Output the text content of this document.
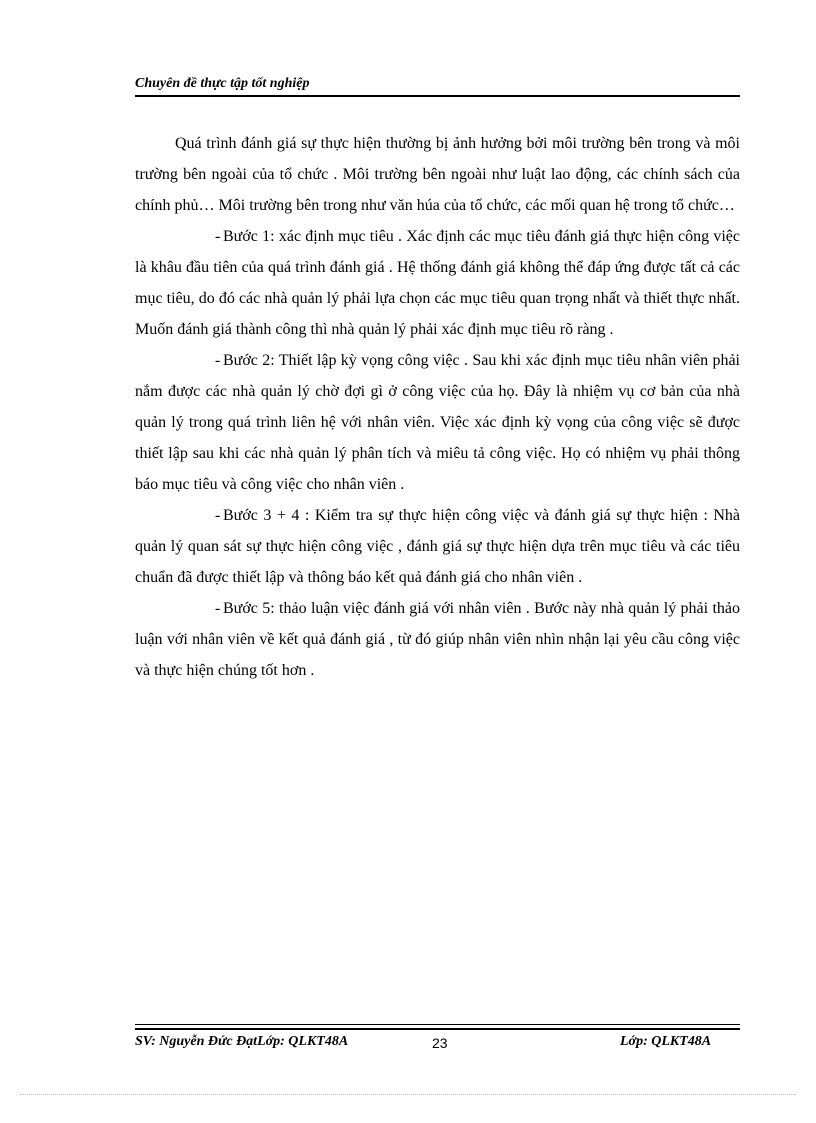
Chuyên đề thực tập tốt nghiệp

Quá trình đánh giá sự thực hiện thường bị ảnh hưởng bởi môi trường bên trong và môi trường bên ngoài của tổ chức . Môi trường bên ngoài như luật lao động, các chính sách của chính phủ… Môi trường bên trong như văn húa của tổ chức, các mối quan hệ trong tổ chức…

- Bước 1: xác định mục tiêu . Xác định các mục tiêu đánh giá thực hiện công việc là khâu đầu tiên của quá trình đánh giá . Hệ thống đánh giá không thể đáp ứng được tất cả các mục tiêu, do đó các nhà quản lý phải lựa chọn các mục tiêu quan trọng nhất và thiết thực nhất. Muốn đánh giá thành công thì nhà quản lý phải xác định mục tiêu rõ ràng .

- Bước 2: Thiết lập kỳ vọng công việc . Sau khi xác định mục tiêu nhân viên phải nắm được các nhà quản lý chờ đợi gì ở công việc của họ. Đây là nhiệm vụ cơ bản của nhà quản lý trong quá trình liên hệ với nhân viên. Việc xác định kỳ vọng của công việc sẽ được thiết lập sau khi các nhà quản lý phân tích và miêu tả công việc. Họ có nhiệm vụ phải thông báo mục tiêu và công việc cho nhân viên .

- Bước 3 + 4 : Kiểm tra sự thực hiện công việc và đánh giá sự thực hiện : Nhà quản lý quan sát sự thực hiện công việc , đánh giá sự thực hiện dựa trên mục tiêu và các tiêu chuẩn đã được thiết lập và thông báo kết quả đánh giá cho nhân viên .

- Bước 5: thảo luận việc đánh giá với nhân viên . Bước này nhà quản lý phải thảo luận với nhân viên về kết quả đánh giá , từ đó giúp nhân viên nhìn nhận lại yêu cầu công việc và thực hiện chúng tốt hơn .

SV: Nguyễn Đức ĐạtLớp: QLKT48A	23	Lớp: QLKT48A
